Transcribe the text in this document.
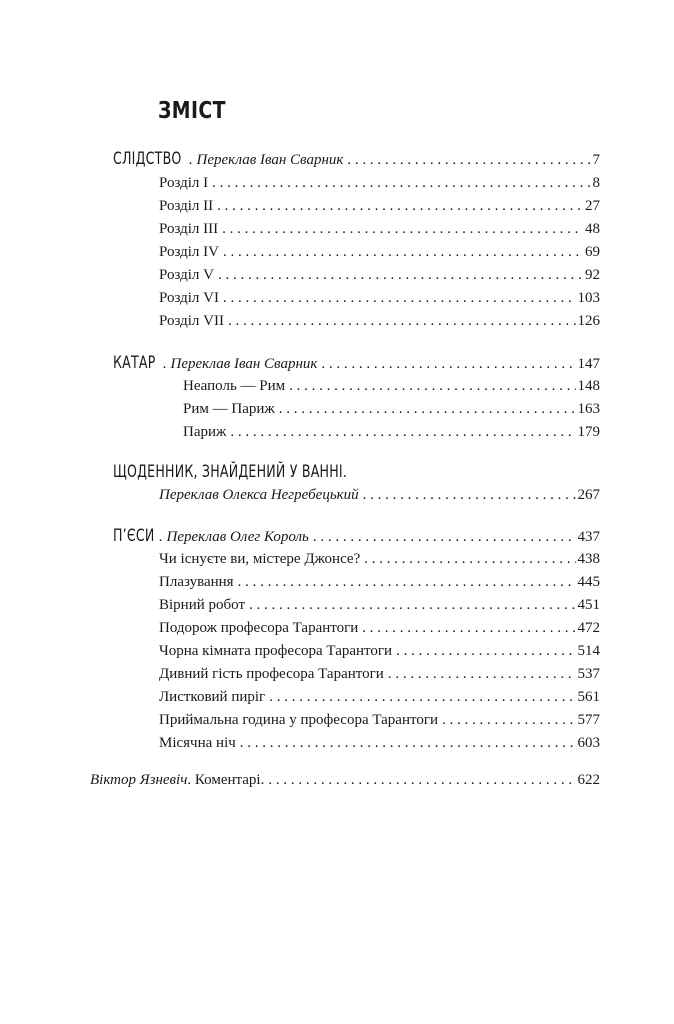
ЗМІСТ
СЛІДСТВО . Переклав Іван Сварник . . .	7
Розділ І . . .	8
Розділ ІІ . . .	27
Розділ ІІІ . . .	48
Розділ IV . . .	69
Розділ V . . .	92
Розділ VI . . .	103
Розділ VII . . .	126
КАТАР . Переклав Іван Сварник . . .	147
Неаполь — Рим . . .	148
Рим — Париж . . .	163
Париж . . .	179
ЩОДЕННИК, ЗНАЙДЕНИЙ У ВАННІ.
Переклав Олекса Негребецький . . .	267
П’ЄСИ . Переклав Олег Король . . .	437
Чи існуєте ви, містере Джонсе? . . .	438
Плазування . . .	445
Вірний робот . . .	451
Подорож професора Тарантоги . . .	472
Чорна кімната професора Тарантоги . . .	514
Дивний гість професора Тарантоги . . .	537
Листковий пиріг . . .	561
Приймальна година у професора Тарантоги . . .	577
Місячна ніч . . .	603
Віктор Язневіч. Коментарі. . . .	622
